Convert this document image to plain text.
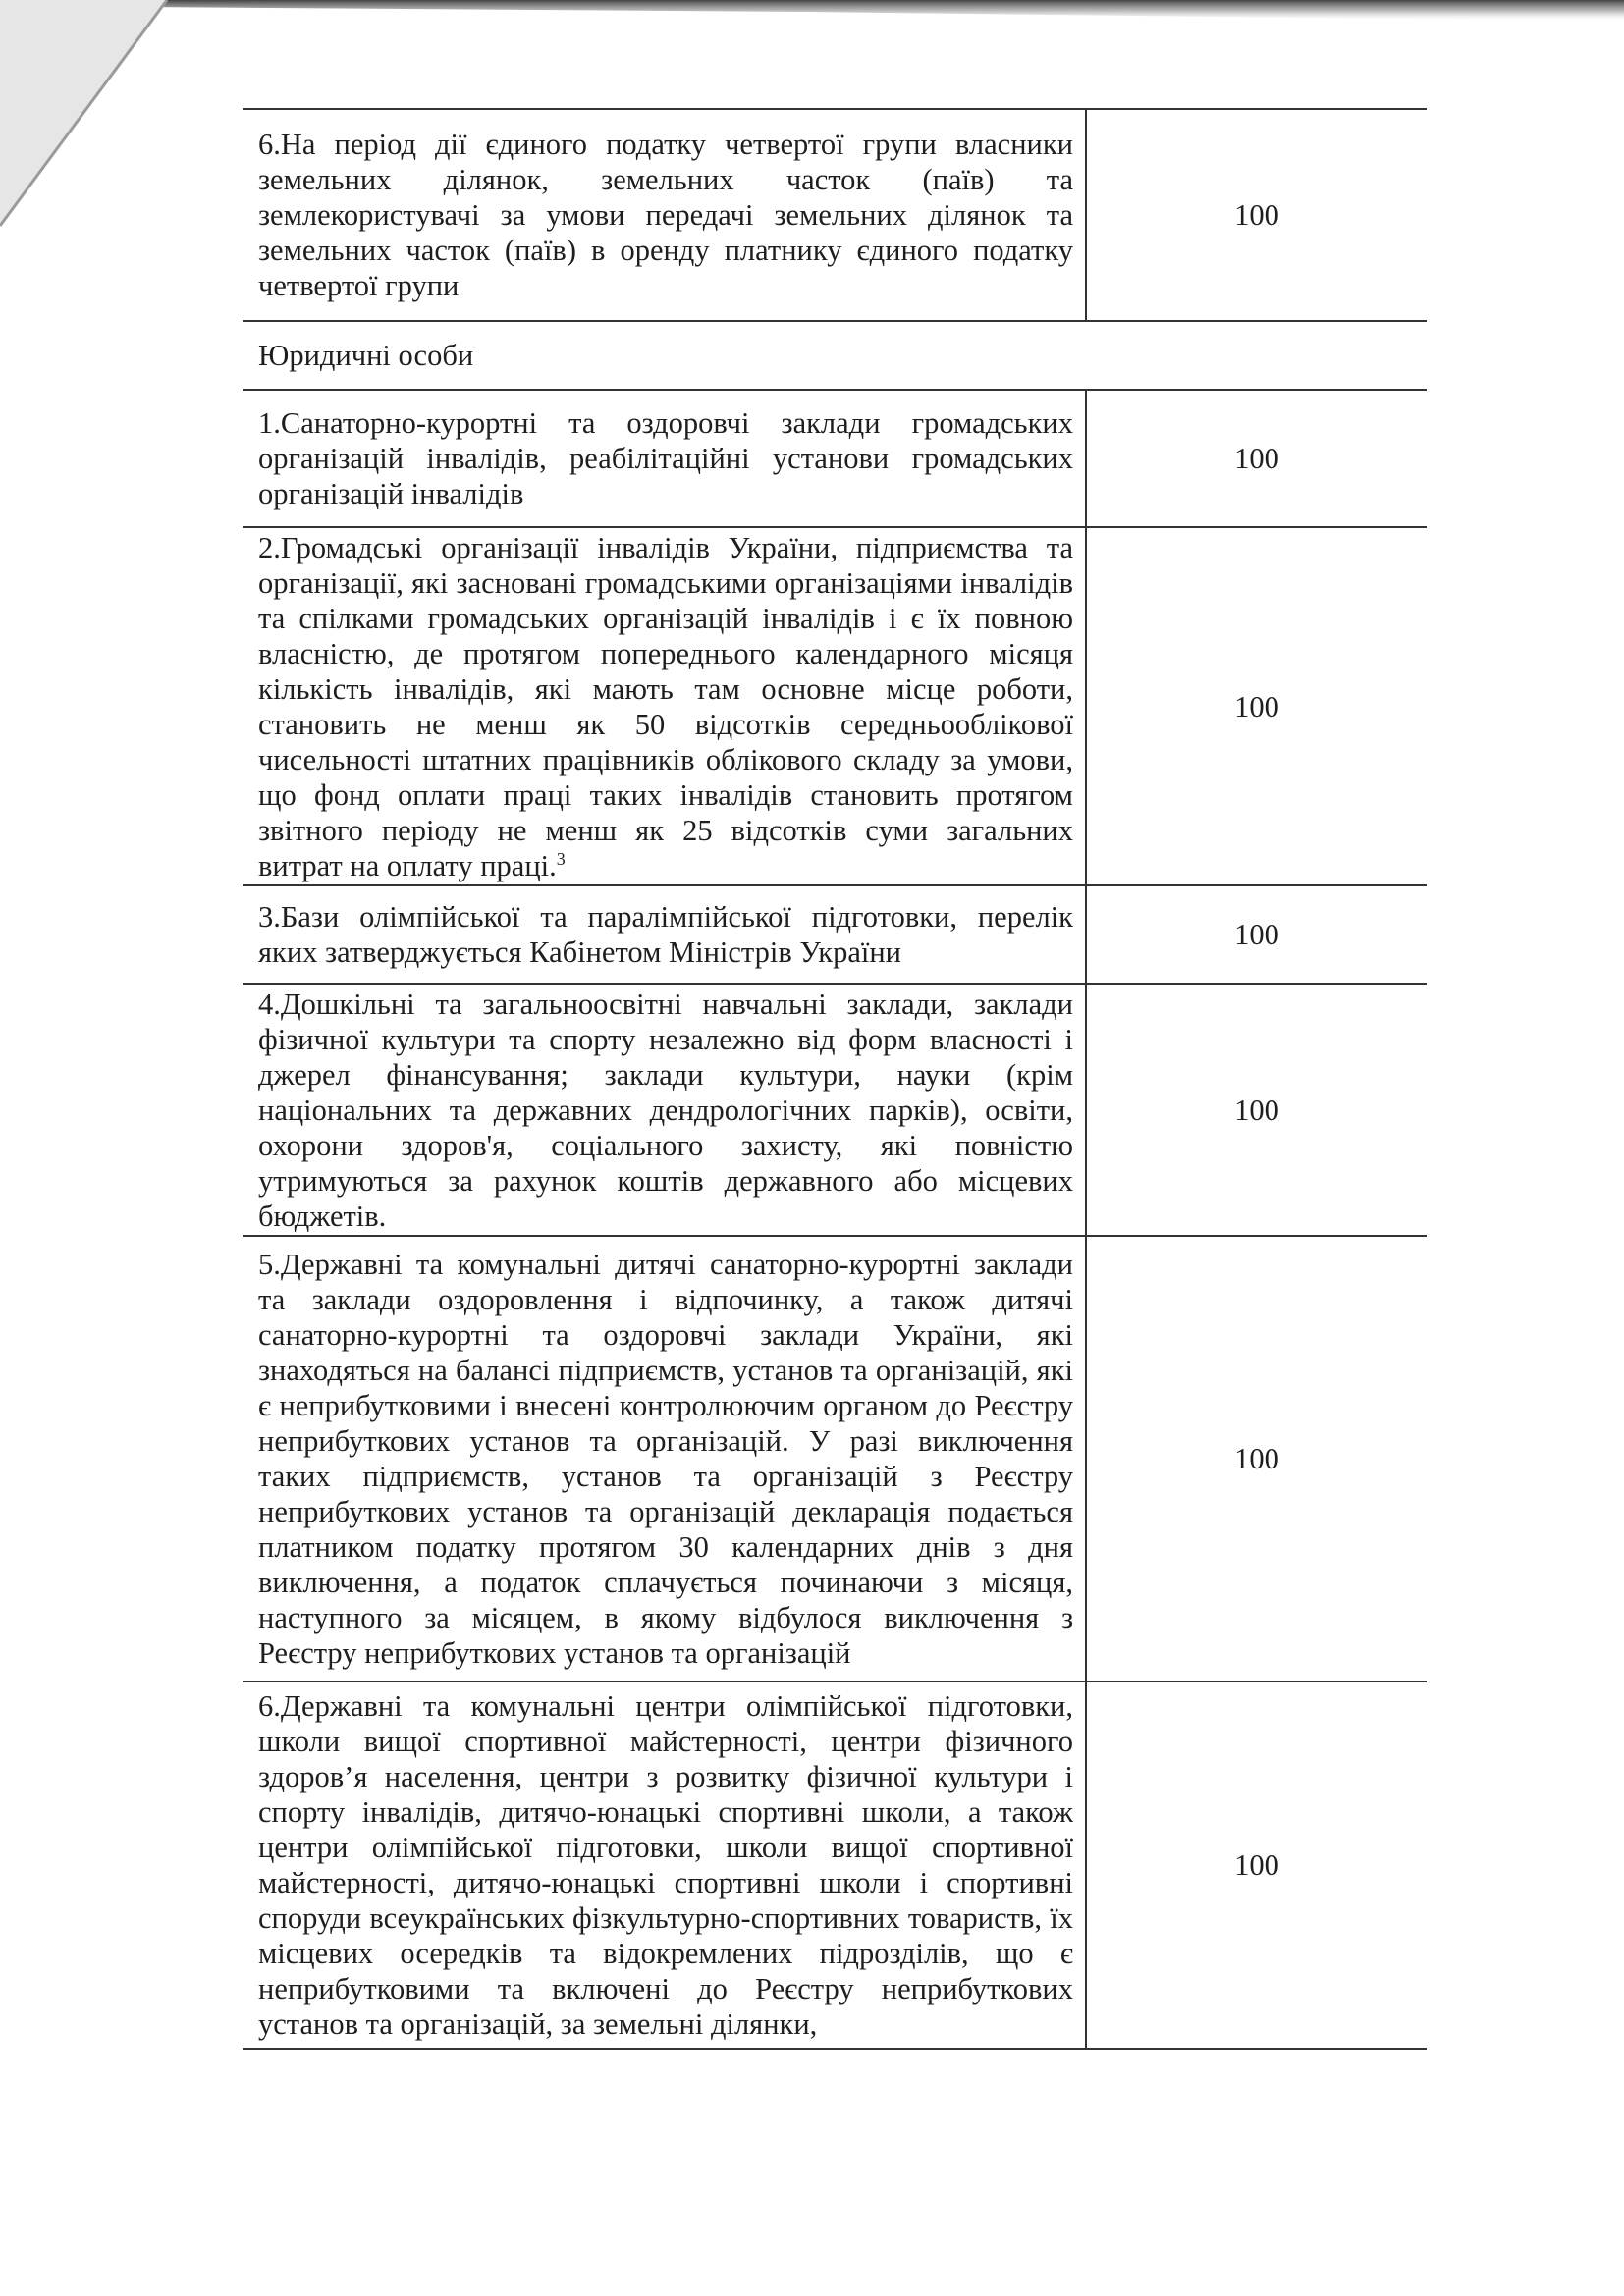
6.На період дії єдиного податку четвертої групи власники земельних ділянок, земельних часток (паїв) та землекористувачі за умови передачі земельних ділянок та земельних часток (паїв) в оренду платнику єдиного податку четвертої групи	100
Юридичні особи	
1.Санаторно-курортні та оздоровчі заклади громадських організацій інвалідів, реабілітаційні установи громадських організацій інвалідів	100
2.Громадські організації інвалідів України, підприємства та організації, які засновані громадськими організаціями інвалідів та спілками громадських організацій інвалідів і є їх повною власністю, де протягом попереднього календарного місяця кількість інвалідів, які мають там основне місце роботи, становить не менш як 50 відсотків середньооблікової чисельності штатних працівників облікового складу за умови, що фонд оплати праці таких інвалідів становить протягом звітного періоду не менш як 25 відсотків суми загальних витрат на оплату праці.$^3$	100
3.Бази олімпійської та паралімпійської підготовки, перелік яких затверджується Кабінетом Міністрів України	100
4.Дошкільні та загальноосвітні навчальні заклади, заклади фізичної культури та спорту незалежно від форм власності і джерел фінансування; заклади культури, науки (крім національних та державних дендрологічних парків), освіти, охорони здоров'я, соціального захисту, які повністю утримуються за рахунок коштів державного або місцевих бюджетів.	100
5.Державні та комунальні дитячі санаторно-курортні заклади та заклади оздоровлення і відпочинку, а також дитячі санаторно-курортні та оздоровчі заклади України, які знаходяться на балансі підприємств, установ та організацій, які є неприбутковими і внесені контролюючим органом до Реєстру неприбуткових установ та організацій. У разі виключення таких підприємств, установ та організацій з Реєстру неприбуткових установ та організацій декларація подається платником податку протягом 30 календарних днів з дня виключення, а податок сплачується починаючи з місяця, наступного за місяцем, в якому відбулося виключення з Реєстру неприбуткових установ та організацій	100
6.Державні та комунальні центри олімпійської підготовки, школи вищої спортивної майстерності, центри фізичного здоров’я населення, центри з розвитку фізичної культури і спорту інвалідів, дитячо-юнацькі спортивні школи, а також центри олімпійської підготовки, школи вищої спортивної майстерності, дитячо-юнацькі спортивні школи і спортивні споруди всеукраїнських фізкультурно-спортивних товариств, їх місцевих осередків та відокремлених підрозділів, що є неприбутковими та включені до Реєстру неприбуткових установ та організацій, за земельні ділянки,	100
